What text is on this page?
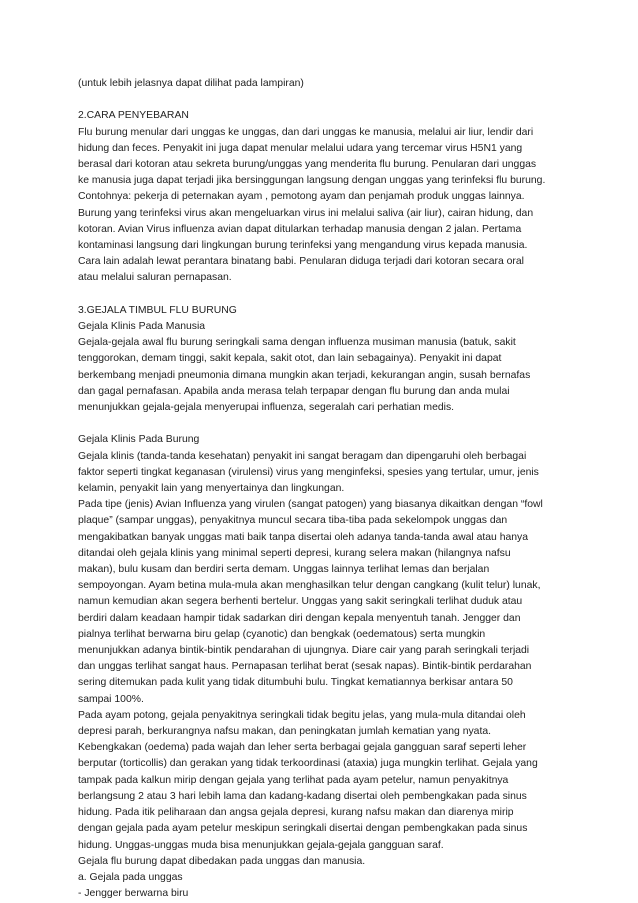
(untuk lebih jelasnya dapat dilihat pada lampiran)

2.CARA PENYEBARAN

Flu burung menular dari unggas ke unggas, dan dari unggas ke manusia, melalui air liur, lendir dari
hidung dan feces. Penyakit ini juga dapat menular melalui udara yang tercemar virus H5N1 yang
berasal dari kotoran atau sekreta burung/unggas yang menderita flu burung. Penularan dari unggas
ke manusia juga dapat terjadi jika bersinggungan langsung dengan unggas yang terinfeksi flu burung.
Contohnya: pekerja di peternakan ayam , pemotong ayam dan penjamah produk unggas lainnya.
Burung yang terinfeksi virus akan mengeluarkan virus ini melalui saliva (air liur), cairan hidung, dan
kotoran. Avian Virus influenza avian dapat ditularkan terhadap manusia dengan 2 jalan. Pertama
kontaminasi langsung dari lingkungan burung terinfeksi yang mengandung virus kepada manusia.
Cara lain adalah lewat perantara binatang babi. Penularan diduga terjadi dari kotoran secara oral
atau melalui saluran pernapasan.

3.GEJALA TIMBUL FLU BURUNG

Gejala Klinis Pada Manusia

Gejala-gejala awal flu burung seringkali sama dengan influenza musiman manusia (batuk, sakit
tenggorokan, demam tinggi, sakit kepala, sakit otot, dan lain sebagainya). Penyakit ini dapat
berkembang menjadi pneumonia dimana mungkin akan terjadi, kekurangan angin, susah bernafas
dan gagal pernafasan. Apabila anda merasa telah terpapar dengan flu burung dan anda mulai
menunjukkan gejala-gejala menyerupai influenza, segeralah cari perhatian medis.

Gejala Klinis Pada Burung

Gejala klinis (tanda-tanda kesehatan) penyakit ini sangat beragam dan dipengaruhi oleh berbagai
faktor seperti tingkat keganasan (virulensi) virus yang menginfeksi, spesies yang tertular, umur, jenis
kelamin, penyakit lain yang menyertainya dan lingkungan.
Pada tipe (jenis) Avian Influenza yang virulen (sangat patogen) yang biasanya dikaitkan dengan “fowl
plaque” (sampar unggas), penyakitnya muncul secara tiba-tiba pada sekelompok unggas dan
mengakibatkan banyak unggas mati baik tanpa disertai oleh adanya tanda-tanda awal atau hanya
ditandai oleh gejala klinis yang minimal seperti depresi, kurang selera makan (hilangnya nafsu
makan), bulu kusam dan berdiri serta demam. Unggas lainnya terlihat lemas dan berjalan
sempoyongan. Ayam betina mula-mula akan menghasilkan telur dengan cangkang (kulit telur) lunak,
namun kemudian akan segera berhenti bertelur. Unggas yang sakit seringkali terlihat duduk atau
berdiri dalam keadaan hampir tidak sadarkan diri dengan kepala menyentuh tanah. Jengger dan
pialnya terlihat berwarna biru gelap (cyanotic) dan bengkak (oedematous) serta mungkin
menunjukkan adanya bintik-bintik pendarahan di ujungnya. Diare cair yang parah seringkali terjadi
dan unggas terlihat sangat haus. Pernapasan terlihat berat (sesak napas). Bintik-bintik perdarahan
sering ditemukan pada kulit yang tidak ditumbuhi bulu. Tingkat kematiannya berkisar antara 50
sampai 100%.
Pada ayam potong, gejala penyakitnya seringkali tidak begitu jelas, yang mula-mula ditandai oleh
depresi parah, berkurangnya nafsu makan, dan peningkatan jumlah kematian yang nyata.
Kebengkakan (oedema) pada wajah dan leher serta berbagai gejala gangguan saraf seperti leher
berputar (torticollis) dan gerakan yang tidak terkoordinasi (ataxia) juga mungkin terlihat. Gejala yang
tampak pada kalkun mirip dengan gejala yang terlihat pada ayam petelur, namun penyakitnya
berlangsung 2 atau 3 hari lebih lama dan kadang-kadang disertai oleh pembengkakan pada sinus
hidung. Pada itik peliharaan dan angsa gejala depresi, kurang nafsu makan dan diarenya mirip
dengan gejala pada ayam petelur meskipun seringkali disertai dengan pembengkakan pada sinus
hidung. Unggas-unggas muda bisa menunjukkan gejala-gejala gangguan saraf.
Gejala flu burung dapat dibedakan pada unggas dan manusia.
a. Gejala pada unggas
- Jengger berwarna biru
